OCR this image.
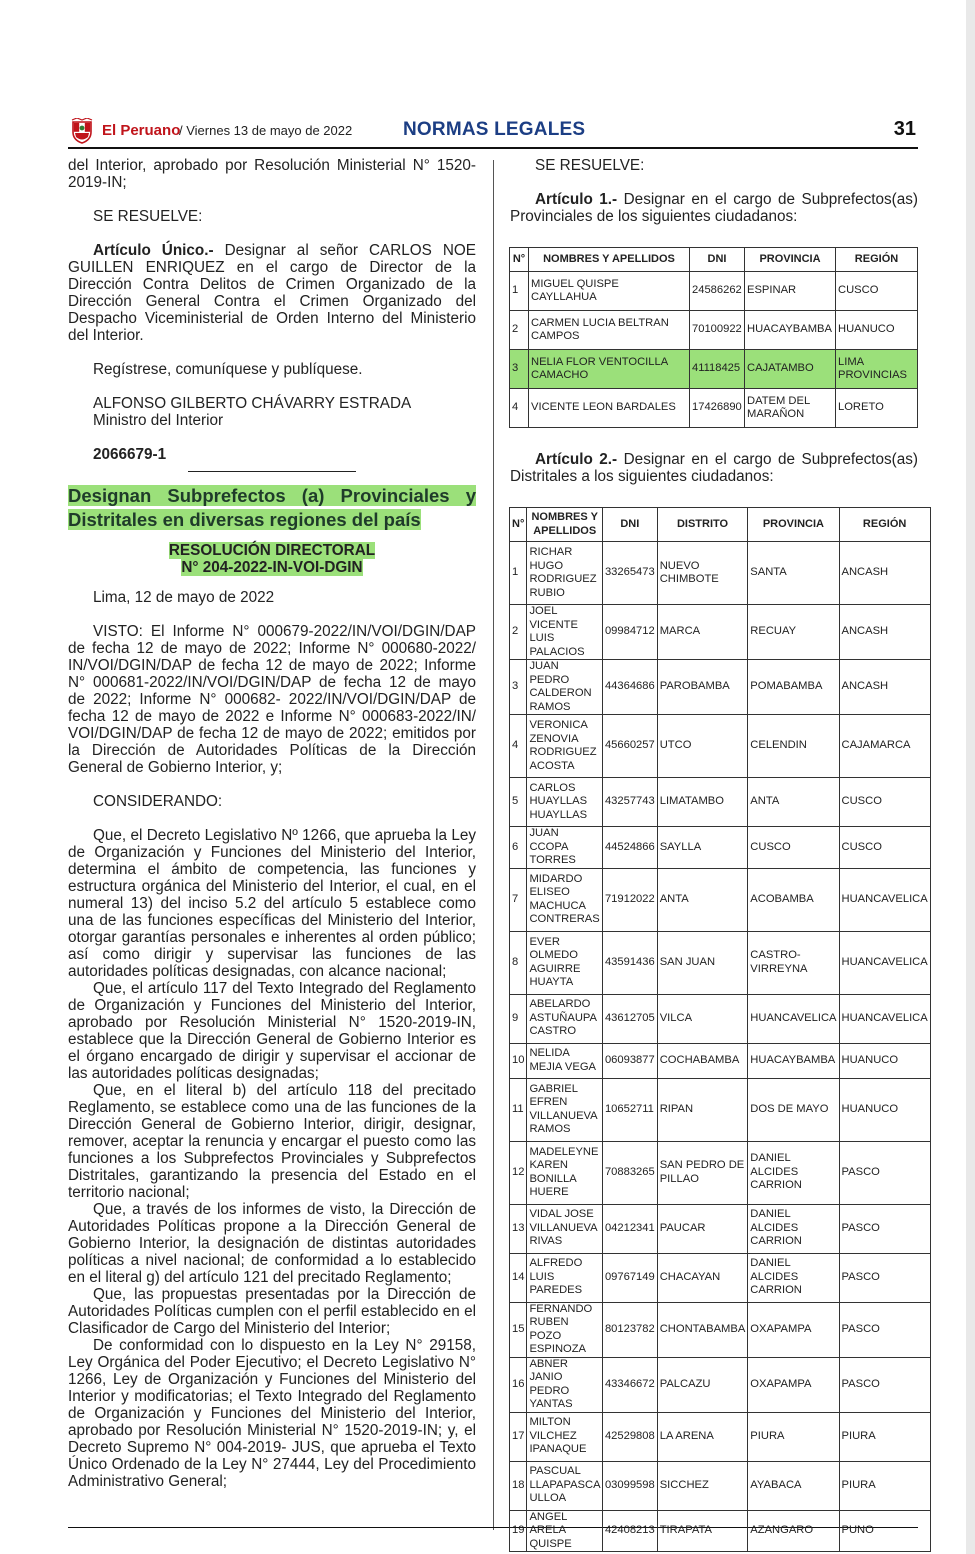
El Peruano
/ Viernes 13 de mayo de 2022	NORMAS LEGALES	31

del Interior, aprobado por Resolución Ministerial N° 1520-2019-IN;

SE RESUELVE:

Artículo Único.- Designar al señor CARLOS NOE GUILLEN ENRIQUEZ en el cargo de Director de la Dirección Contra Delitos de Crimen Organizado de la Dirección General Contra el Crimen Organizado del Despacho Viceministerial de Orden Interno del Ministerio del Interior.

Regístrese, comuníquese y publíquese.

ALFONSO GILBERTO CHÁVARRY ESTRADA

Ministro del Interior

2066679-1

Designan Subprefectos (a) Provinciales y Distritales en diversas regiones del país

RESOLUCIÓN DIRECTORAL
N° 204-2022-IN-VOI-DGIN

Lima, 12 de mayo de 2022

VISTO: El Informe N° 000679-2022/IN/VOI/DGIN/DAP de fecha 12 de mayo de 2022; Informe N° 000680-2022/ IN/VOI/DGIN/DAP de fecha 12 de mayo de 2022; Informe N° 000681-2022/IN/VOI/DGIN/DAP de fecha 12 de mayo de 2022; Informe N° 000682- 2022/IN/VOI/DGIN/DAP de fecha 12 de mayo de 2022 e Informe N° 000683-2022/IN/ VOI/DGIN/DAP de fecha 12 de mayo de 2022; emitidos por la Dirección de Autoridades Políticas de la Dirección General de Gobierno Interior, y;

CONSIDERANDO:

Que, el Decreto Legislativo Nº 1266, que aprueba la Ley de Organización y Funciones del Ministerio del Interior, determina el ámbito de competencia, las funciones y estructura orgánica del Ministerio del Interior, el cual, en el numeral 13) del inciso 5.2 del artículo 5 establece como una de las funciones específicas del Ministerio del Interior, otorgar garantías personales e inherentes al orden público; así como dirigir y supervisar las funciones de las autoridades políticas designadas, con alcance nacional;

Que, el artículo 117 del Texto Integrado del Reglamento de Organización y Funciones del Ministerio del Interior, aprobado por Resolución Ministerial N° 1520-2019-IN, establece que la Dirección General de Gobierno Interior es el órgano encargado de dirigir y supervisar el accionar de las autoridades políticas designadas;

Que, en el literal b) del artículo 118 del precitado Reglamento, se establece como una de las funciones de la Dirección General de Gobierno Interior, dirigir, designar, remover, aceptar la renuncia y encargar el puesto como las funciones a los Subprefectos Provinciales y Subprefectos Distritales, garantizando la presencia del Estado en el territorio nacional;

Que, a través de los informes de visto, la Dirección de Autoridades Políticas propone a la Dirección General de Gobierno Interior, la designación de distintas autoridades políticas a nivel nacional; de conformidad a lo establecido en el literal g) del artículo 121 del precitado Reglamento;

Que, las propuestas presentadas por la Dirección de Autoridades Políticas cumplen con el perfil establecido en el Clasificador de Cargo del Ministerio del Interior;

De conformidad con lo dispuesto en la Ley N° 29158, Ley Orgánica del Poder Ejecutivo; el Decreto Legislativo N° 1266, Ley de Organización y Funciones del Ministerio del Interior y modificatorias; el Texto Integrado del Reglamento de Organización y Funciones del Ministerio del Interior, aprobado por Resolución Ministerial N° 1520-2019-IN; y, el Decreto Supremo N° 004-2019- JUS, que aprueba el Texto Único Ordenado de la Ley N° 27444, Ley del Procedimiento Administrativo General;

SE RESUELVE:

Artículo 1.- Designar en el cargo de Subprefectos(as) Provinciales de los siguientes ciudadanos:

N°	NOMBRES Y APELLIDOS	DNI	PROVINCIA	REGIÓN
1	MIGUEL QUISPE CAYLLAHUA	24586262	ESPINAR	CUSCO
2	CARMEN LUCIA BELTRAN CAMPOS	70100922	HUACAYBAMBA	HUANUCO
3	NELIA FLOR VENTOCILLA CAMACHO	41118425	CAJATAMBO	LIMA PROVINCIAS
4	VICENTE LEON BARDALES	17426890	DATEM DEL MARAÑON	LORETO

Artículo 2.- Designar en el cargo de Subprefectos(as) Distritales a los siguientes ciudadanos:

N°	NOMBRES Y APELLIDOS	DNI	DISTRITO	PROVINCIA	REGIÓN
1	RICHAR HUGO RODRIGUEZ RUBIO	33265473	NUEVO CHIMBOTE	SANTA	ANCASH
2	JOEL VICENTE LUIS PALACIOS	09984712	MARCA	RECUAY	ANCASH
3	JUAN PEDRO CALDERON RAMOS	44364686	PAROBAMBA	POMABAMBA	ANCASH
4	VERONICA ZENOVIA RODRIGUEZ ACOSTA	45660257	UTCO	CELENDIN	CAJAMARCA
5	CARLOS HUAYLLAS HUAYLLAS	43257743	LIMATAMBO	ANTA	CUSCO
6	JUAN CCOPA TORRES	44524866	SAYLLA	CUSCO	CUSCO
7	MIDARDO ELISEO MACHUCA CONTRERAS	71912022	ANTA	ACOBAMBA	HUANCAVELICA
8	EVER OLMEDO AGUIRRE HUAYTA	43591436	SAN JUAN	CASTRO-VIRREYNA	HUANCAVELICA
9	ABELARDO ASTUÑAUPA CASTRO	43612705	VILCA	HUANCAVELICA	HUANCAVELICA
10	NELIDA MEJIA VEGA	06093877	COCHABAMBA	HUACAYBAMBA	HUANUCO
11	GABRIEL EFREN VILLANUEVA RAMOS	10652711	RIPAN	DOS DE MAYO	HUANUCO
12	MADELEYNE KAREN BONILLA HUERE	70883265	SAN PEDRO DE PILLAO	DANIEL ALCIDES CARRION	PASCO
13	VIDAL JOSE VILLANUEVA RIVAS	04212341	PAUCAR	DANIEL ALCIDES CARRION	PASCO
14	ALFREDO LUIS PAREDES	09767149	CHACAYAN	DANIEL ALCIDES CARRION	PASCO
15	FERNANDO RUBEN POZO ESPINOZA	80123782	CHONTABAMBA	OXAPAMPA	PASCO
16	ABNER JANIO PEDRO YANTAS	43346672	PALCAZU	OXAPAMPA	PASCO
17	MILTON VILCHEZ IPANAQUE	42529808	LA ARENA	PIURA	PIURA
18	PASCUAL LLAPAPASCA ULLOA	03099598	SICCHEZ	AYABACA	PIURA
19	ANGEL ARELA QUISPE	42408213	TIRAPATA	AZANGARO	PUNO
